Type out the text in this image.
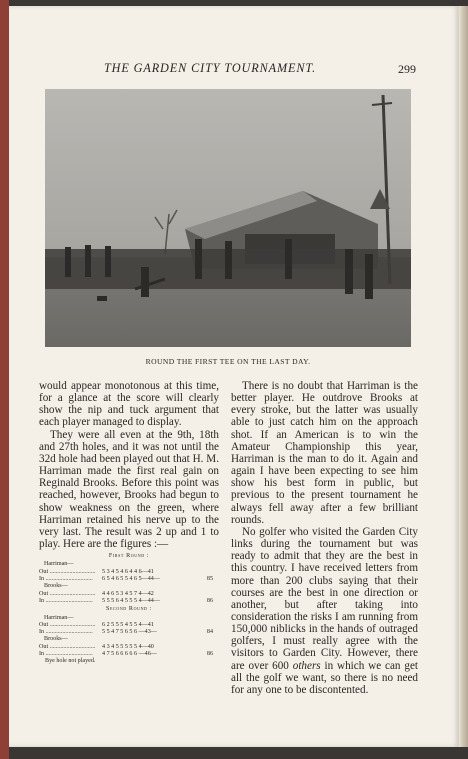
THE GARDEN CITY TOURNAMENT.	299
ROUND THE FIRST TEE ON THE LAST DAY.

would appear monotonous at this time, for a glance at the score will clearly show the nip and tuck argument that each player managed to display.

They were all even at the 9th, 18th and 27th holes, and it was not until the 32d hole had been played out that H. M. Harriman made the first real gain on Reginald Brooks. Before this point was reached, however, Brooks had begun to show weakness on the green, where Harriman retained his nerve up to the very last. The result was 2 up and 1 to play. Here are the figures :—

First Round :
Harriman—
Out ..............................	5 3 4 5 4 6 4 4 6—41
In ...............................	6 5 4 6 5 5 4 6 5—44—	85
Brooks—
Out ..............................	4 4 6 5 3 4 5 7 4—42
In ...............................	5 5 5 6 4 5 5 5 4—44—	86
Second Round :
Harriman—
Out ..............................	6 2 5 5 5 4 5 5 4—41
In ...............................	5 5 4 7 5 6 5 6 —43—	84
Brooks—
Out ..............................	4 3 4 5 5 5 5 5 4—40
In ...............................	4 7 5 6 6 6 6 6 —46—	86
Bye hole not played.

There is no doubt that Harriman is the better player. He outdrove Brooks at every stroke, but the latter was usually able to just catch him on the approach shot. If an American is to win the Amateur Championship this year, Harriman is the man to do it. Again and again I have been expecting to see him show his best form in public, but previous to the present tournament he always fell away after a few brilliant rounds.

No golfer who visited the Garden City links during the tournament but was ready to admit that they are the best in this country. I have received letters from more than 200 clubs saying that their courses are the best in one direction or another, but after taking into consideration the risks I am running from 150,000 niblicks in the hands of outraged golfers, I must really agree with the visitors to Garden City. However, there are over 600 others in which we can get all the golf we want, so there is no need for any one to be discontented.
